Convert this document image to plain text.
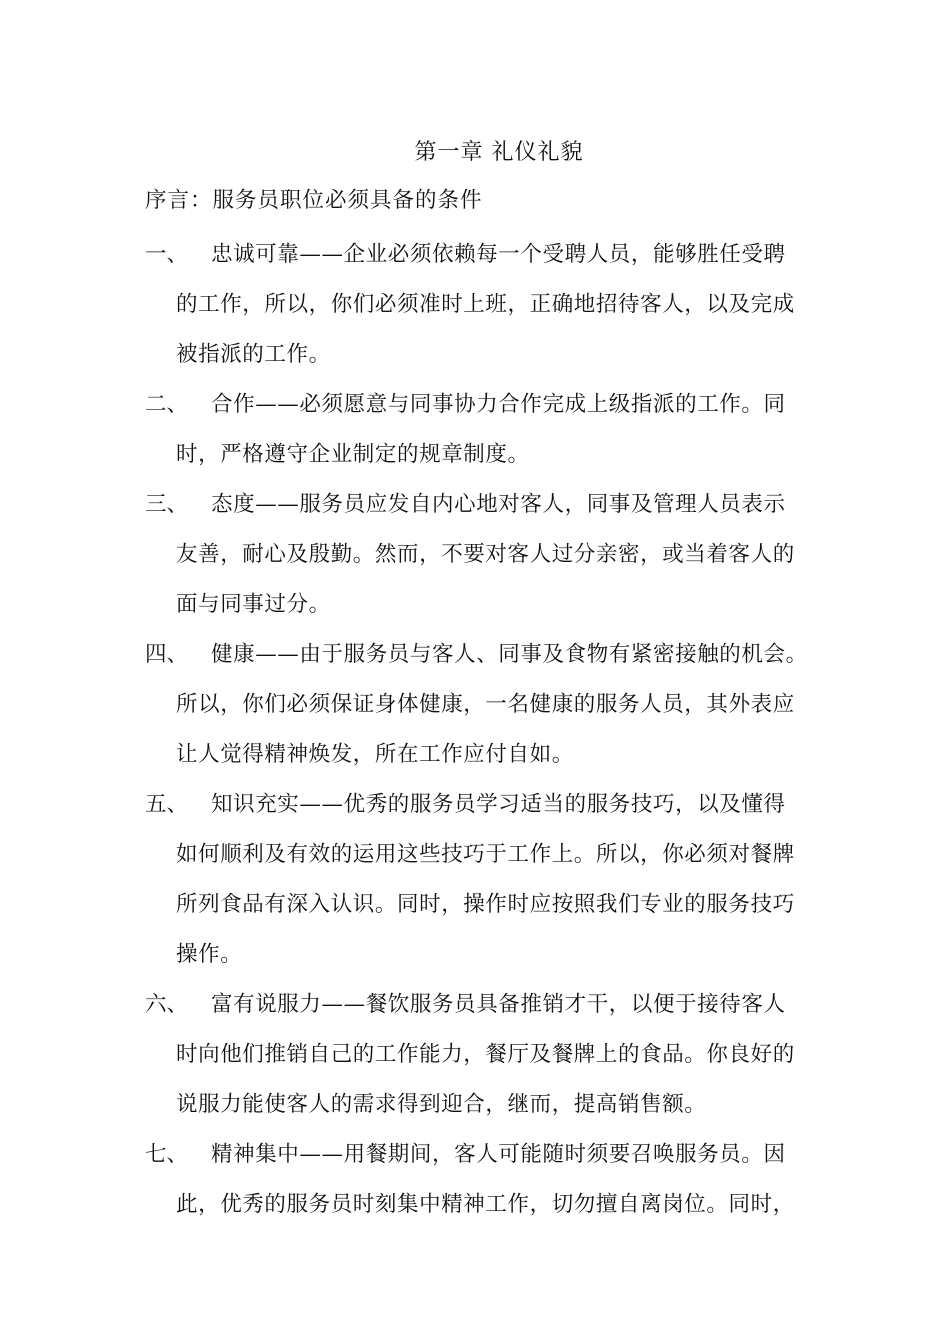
第一章 礼仪礼貌
序言：服务员职位必须具备的条件
一、	忠诚可靠——企业必须依赖每一个受聘人员，能够胜任受聘
的工作，所以，你们必须准时上班，正确地招待客人，以及完成
被指派的工作。
二、	合作——必须愿意与同事协力合作完成上级指派的工作。同
时，严格遵守企业制定的规章制度。
三、	态度——服务员应发自内心地对客人，同事及管理人员表示
友善，耐心及殷勤。然而，不要对客人过分亲密，或当着客人的
面与同事过分。
四、	健康——由于服务员与客人、同事及食物有紧密接触的机会。
所以，你们必须保证身体健康，一名健康的服务人员，其外表应
让人觉得精神焕发，所在工作应付自如。
五、	知识充实——优秀的服务员学习适当的服务技巧，以及懂得
如何顺利及有效的运用这些技巧于工作上。所以，你必须对餐牌
所列食品有深入认识。同时，操作时应按照我们专业的服务技巧
操作。
六、	富有说服力——餐饮服务员具备推销才干，以便于接待客人
时向他们推销自己的工作能力，餐厅及餐牌上的食品。你良好的
说服力能使客人的需求得到迎合，继而，提高销售额。
七、	精神集中——用餐期间，客人可能随时须要召唤服务员。因
此，优秀的服务员时刻集中精神工作，切勿擅自离岗位。同时，
